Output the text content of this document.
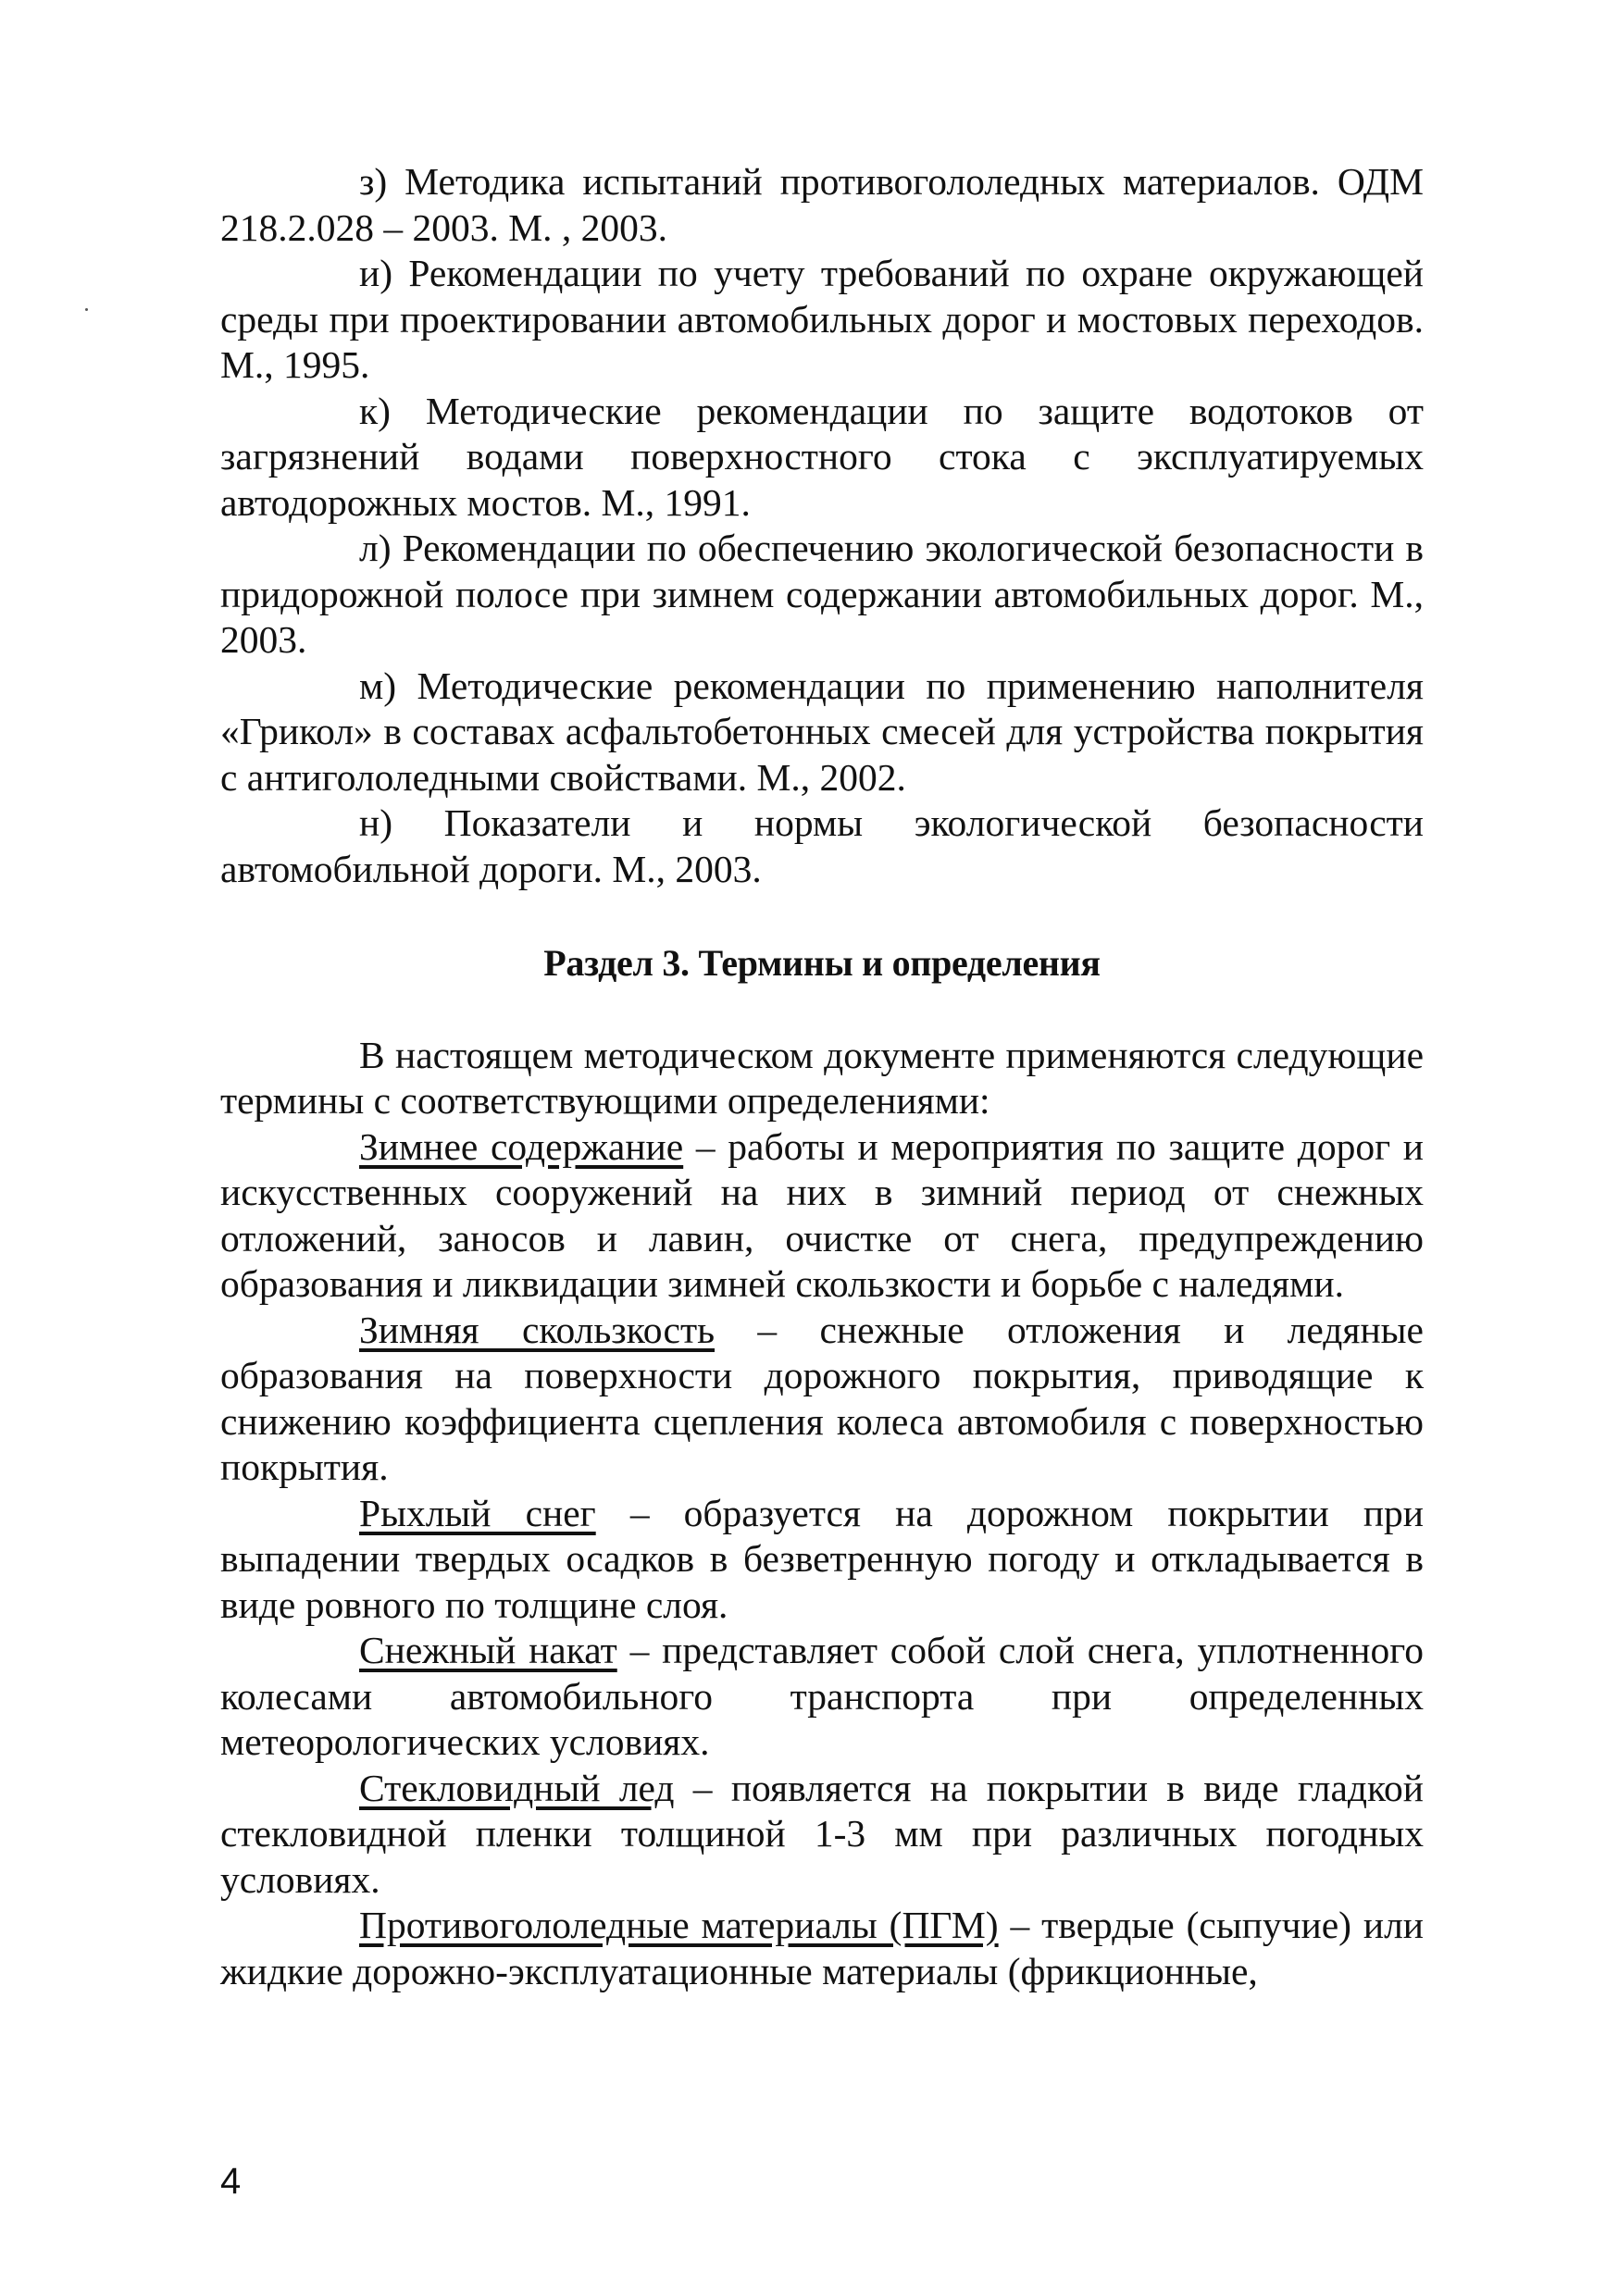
з) Методика испытаний противогололедных материалов. ОДМ 218.2.028 – 2003. М. , 2003.

и) Рекомендации по учету требований по охране окружающей среды при проектировании автомобильных дорог и мостовых переходов. М., 1995.

к) Методические рекомендации по защите водотоков от загрязнений водами поверхностного стока с эксплуатируемых автодорожных мостов. М., 1991.

л) Рекомендации по обеспечению экологической безопасности в придорожной полосе при зимнем содержании автомобильных дорог. М., 2003.

м) Методические рекомендации по применению наполнителя «Грикол» в составах асфальтобетонных смесей для устройства покрытия с антигололедными свойствами. М., 2002.

н) Показатели и нормы экологической безопасности автомобильной дороги. М., 2003.

Раздел 3. Термины и определения

В настоящем методическом документе применяются следующие термины с соответствующими определениями:

Зимнее содержание – работы и мероприятия по защите дорог и искусственных сооружений на них в зимний период от снежных отложений, заносов и лавин, очистке от снега, предупреждению образования и ликвидации зимней скользкости и борьбе с наледями.

Зимняя скользкость – снежные отложения и ледяные образования на поверхности дорожного покрытия, приводящие к снижению коэффициента сцепления колеса автомобиля с поверхностью покрытия.

Рыхлый снег – образуется на дорожном покрытии при выпадении твердых осадков в безветренную погоду и откладывается в виде ровного по толщине слоя.

Снежный накат – представляет собой слой снега, уплотненного колесами автомобильного транспорта при определенных метеорологических условиях.

Стекловидный лед – появляется на покрытии в виде гладкой стекловидной пленки толщиной 1-3 мм при различных погодных условиях.

Противогололедные материалы (ПГМ) – твердые (сыпучие) или жидкие дорожно-эксплуатационные материалы (фрикционные,

4
